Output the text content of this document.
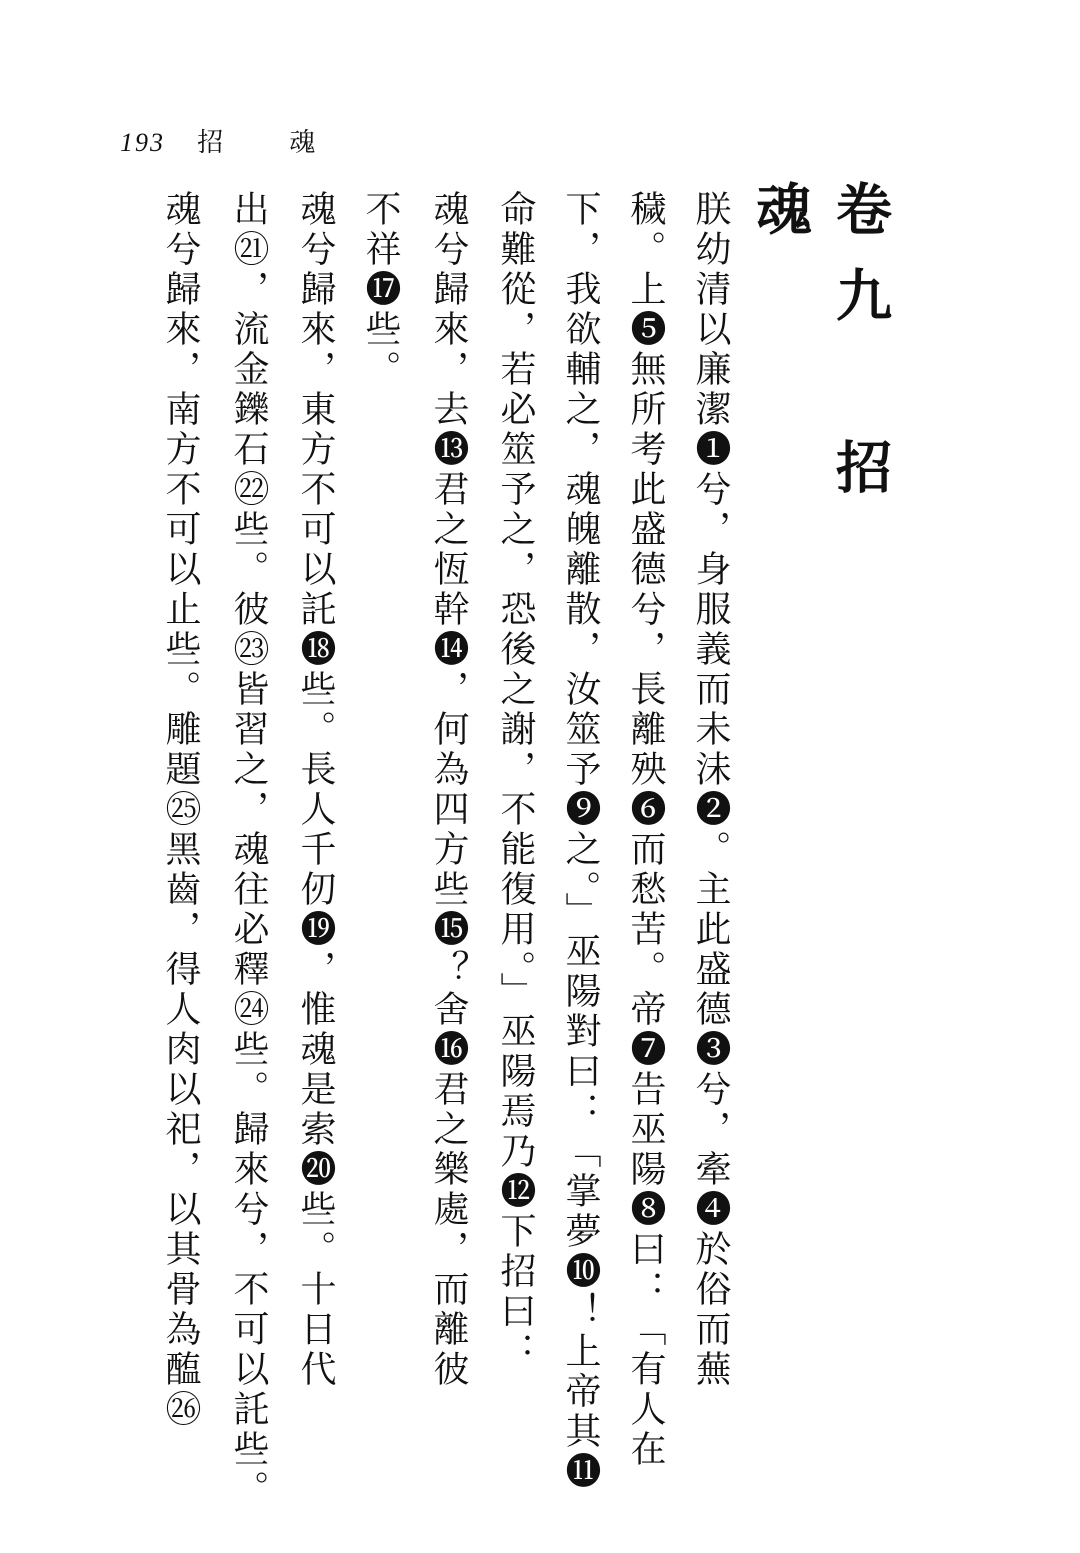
193 招　魂
卷九　招魂
朕幼清以廉潔❶兮，身服義而未沬❷。主此盛德❸兮，牽❹於俗而蕪
穢。上❺無所考此盛德兮，長離殃❻而愁苦。帝❼告巫陽❽曰：「有人在
下，我欲輔之，魂魄離散，汝筮予❾之。」巫陽對曰：「掌夢❿！上帝其⓫
命難從，若必筮予之，恐後之謝，不能復用。」巫陽焉乃⓬下招曰：
魂兮歸來，去⓭君之恆幹⓮，何為四方些⓯？舍⓰君之樂處，而離彼
不祥⓱些。
魂兮歸來，東方不可以託⓲些。長人千仞⓳，惟魂是索⓴些。十日代
出㉑，流金鑠石㉒些。彼㉓皆習之，魂往必釋㉔些。歸來兮，不可以託些。
魂兮歸來，南方不可以止些。雕題㉕黑齒，得人肉以祀，以其骨為醢㉖
